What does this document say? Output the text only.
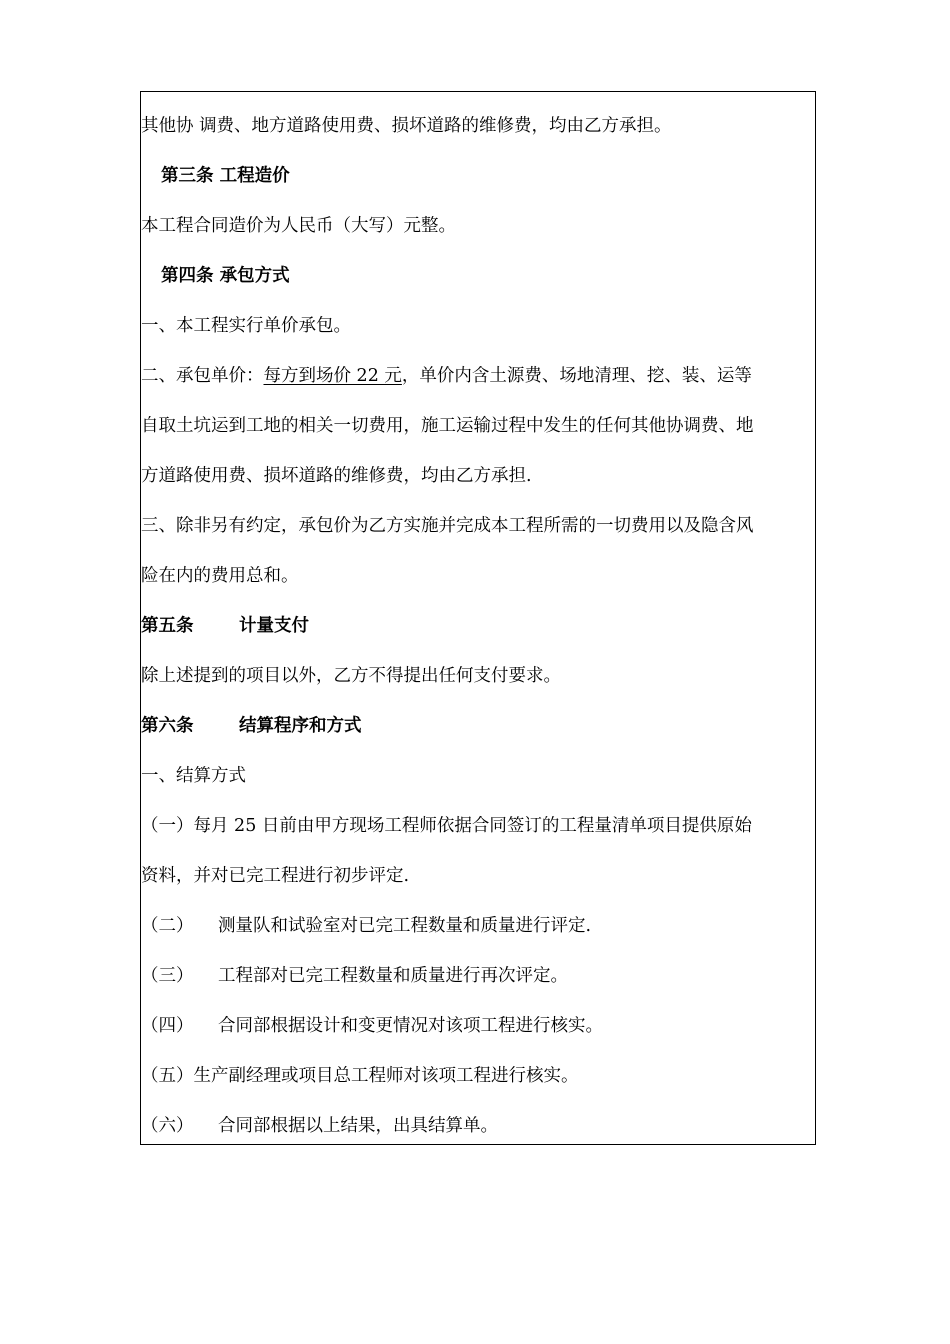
其他协 调费、地方道路使用费、损坏道路的维修费，均由乙方承担。
第三条 工程造价
本工程合同造价为人民币（大写）元整。
第四条 承包方式
一、本工程实行单价承包。
二、承包单价：每方到场价 22 元，单价内含土源费、场地清理、挖、装、运等
自取土坑运到工地的相关一切费用，施工运输过程中发生的任何其他协调费、地
方道路使用费、损坏道路的维修费，均由乙方承担.
三、除非另有约定，承包价为乙方实施并完成本工程所需的一切费用以及隐含风
险在内的费用总和。
第五条	计量支付
除上述提到的项目以外，乙方不得提出任何支付要求。
第六条	结算程序和方式
一、结算方式
（一）每月 25 日前由甲方现场工程师依据合同签订的工程量清单项目提供原始
资料，并对已完工程进行初步评定.
（二） 测量队和试验室对已完工程数量和质量进行评定.
（三） 工程部对已完工程数量和质量进行再次评定。
（四） 合同部根据设计和变更情况对该项工程进行核实。
（五）生产副经理或项目总工程师对该项工程进行核实。
（六） 合同部根据以上结果，出具结算单。
